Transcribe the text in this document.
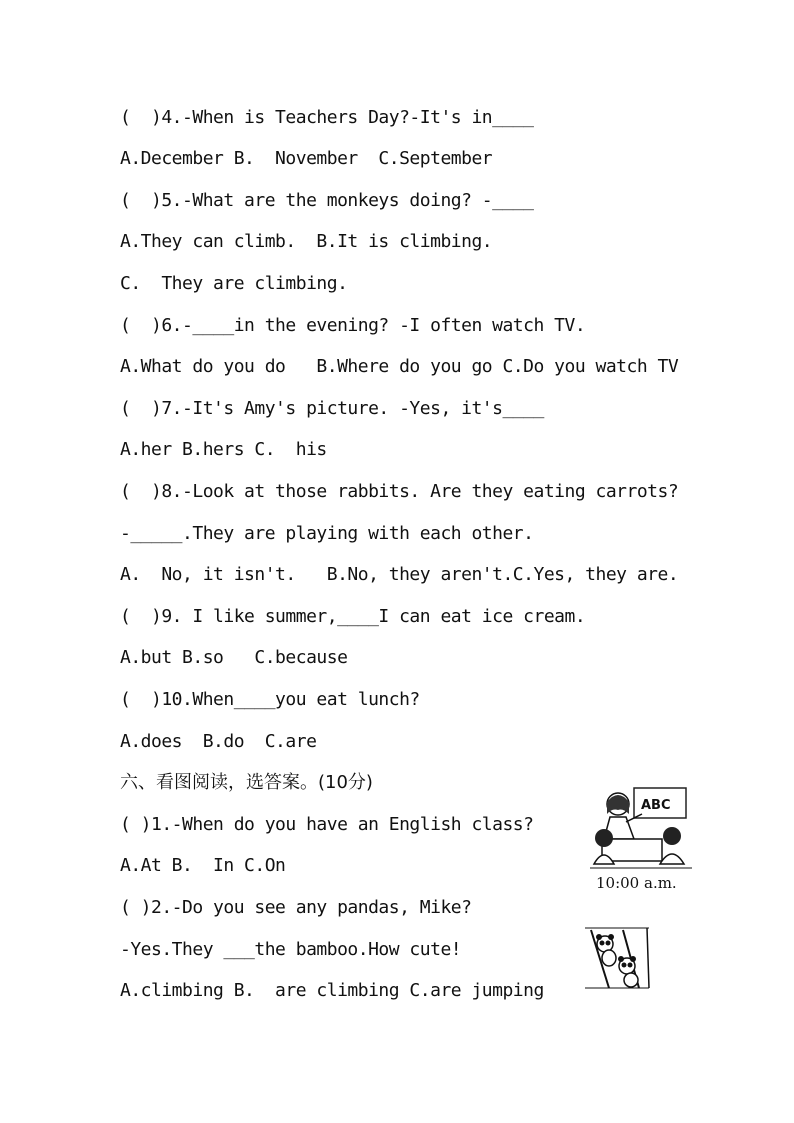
(  )4.-When is Teachers Day?-It's in____
A.December B.  November  C.September
(  )5.-What are the monkeys doing? -____
A.They can climb.  B.It is climbing.
C.  They are climbing.
(  )6.-____in the evening? -I often watch TV.
A.What do you do   B.Where do you go C.Do you watch TV
(  )7.-It's Amy's picture. -Yes, it's____
A.her B.hers C.  his
(  )8.-Look at those rabbits. Are they eating carrots?
-_____.They are playing with each other.
A.  No, it isn't.   B.No, they aren't.C.Yes, they are.
(  )9. I like summer,____I can eat ice cream.
A.but B.so   C.because
(  )10.When____you eat lunch?
A.does  B.do  C.are
六、看图阅读，选答案。(10分)
( )1.-When do you have an English class?
A.At B.  In C.On
( )2.-Do you see any pandas, Mike?
-Yes.They ___the bamboo.How cute!
A.climbing B.  are climbing C.are jumping
ABC
10:00 a.m.
